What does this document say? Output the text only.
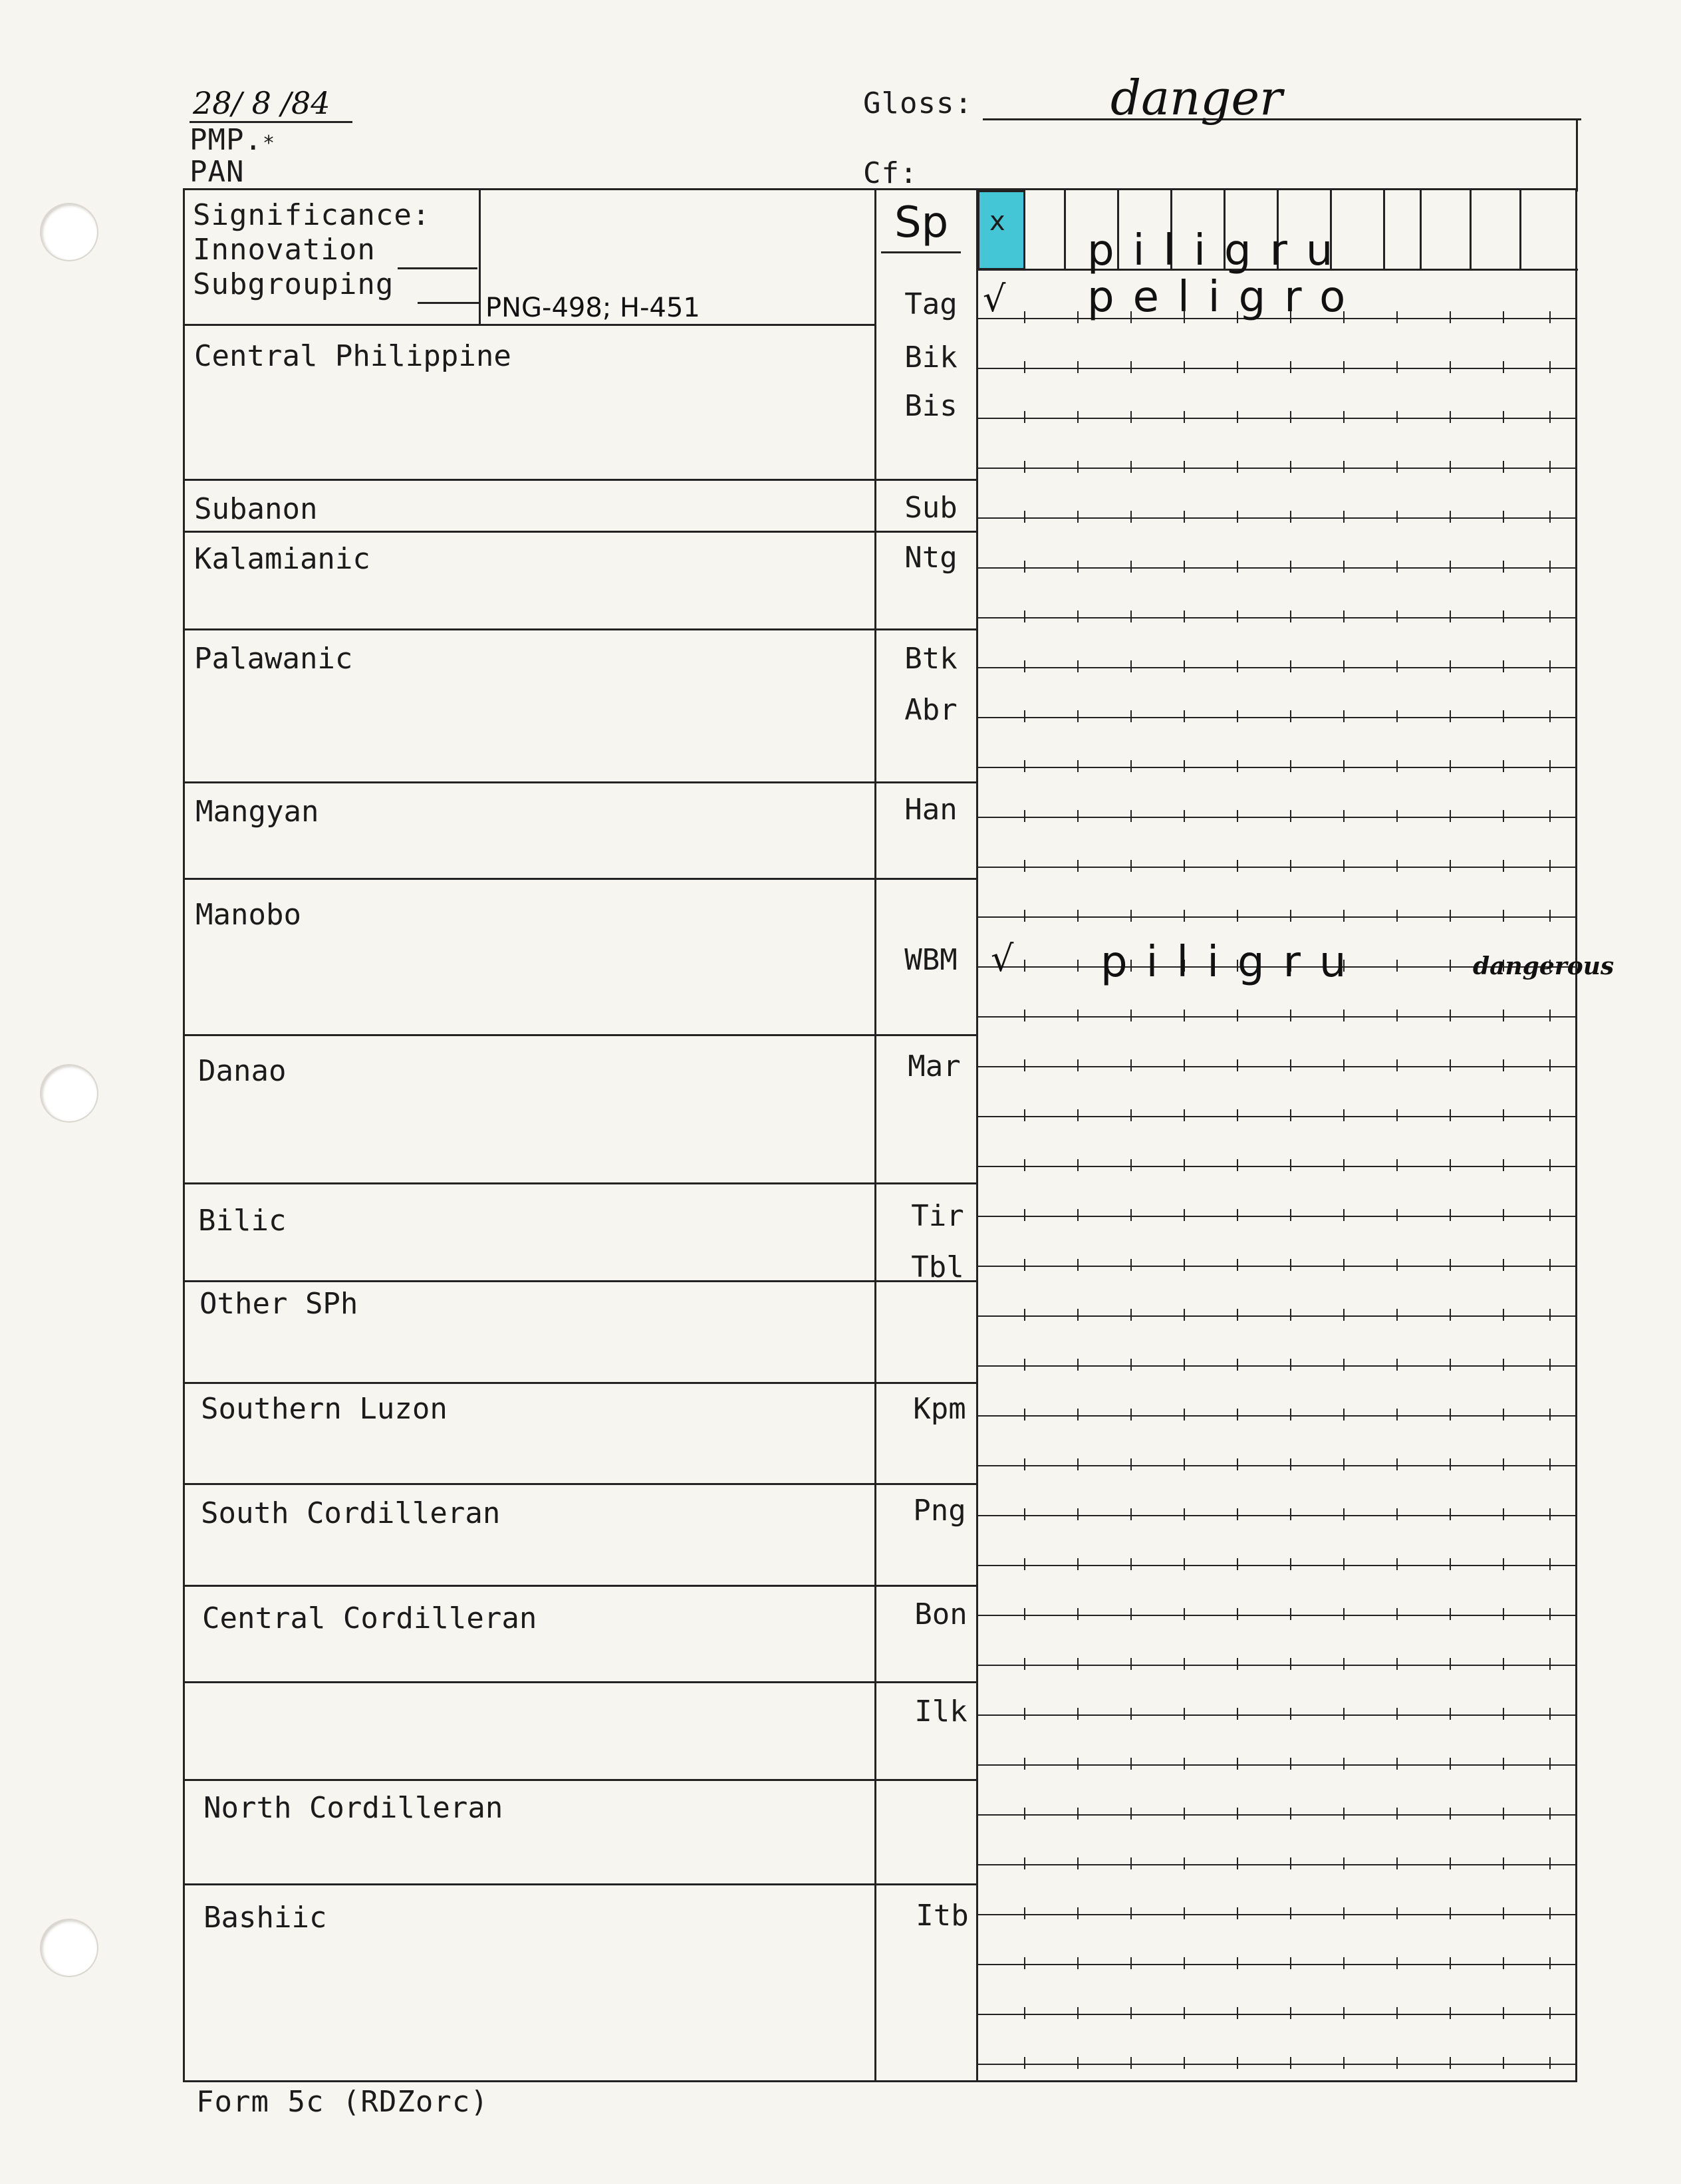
28/ 8 /84
PMP.*
PAN
Gloss:	danger
Cf:
Significance:
Innovation
Subgrouping
PNG-498; H-451
Sp x
Central Philippine
Subanon
Kalamianic
Palawanic
Mangyan
Manobo
Danao
Bilic
Other SPh
Southern Luzon
South Cordilleran
Central Cordilleran
North Cordilleran
Bashiic
Tag
Bik
Bis
Sub
Ntg
Btk
Abr
Han
WBM
Mar
Tir
Tbl
Kpm
Png
Bon
Ilk
Itb
piligru
√ peligro
√ piligru	dangerous
Form 5c (RDZorc)
